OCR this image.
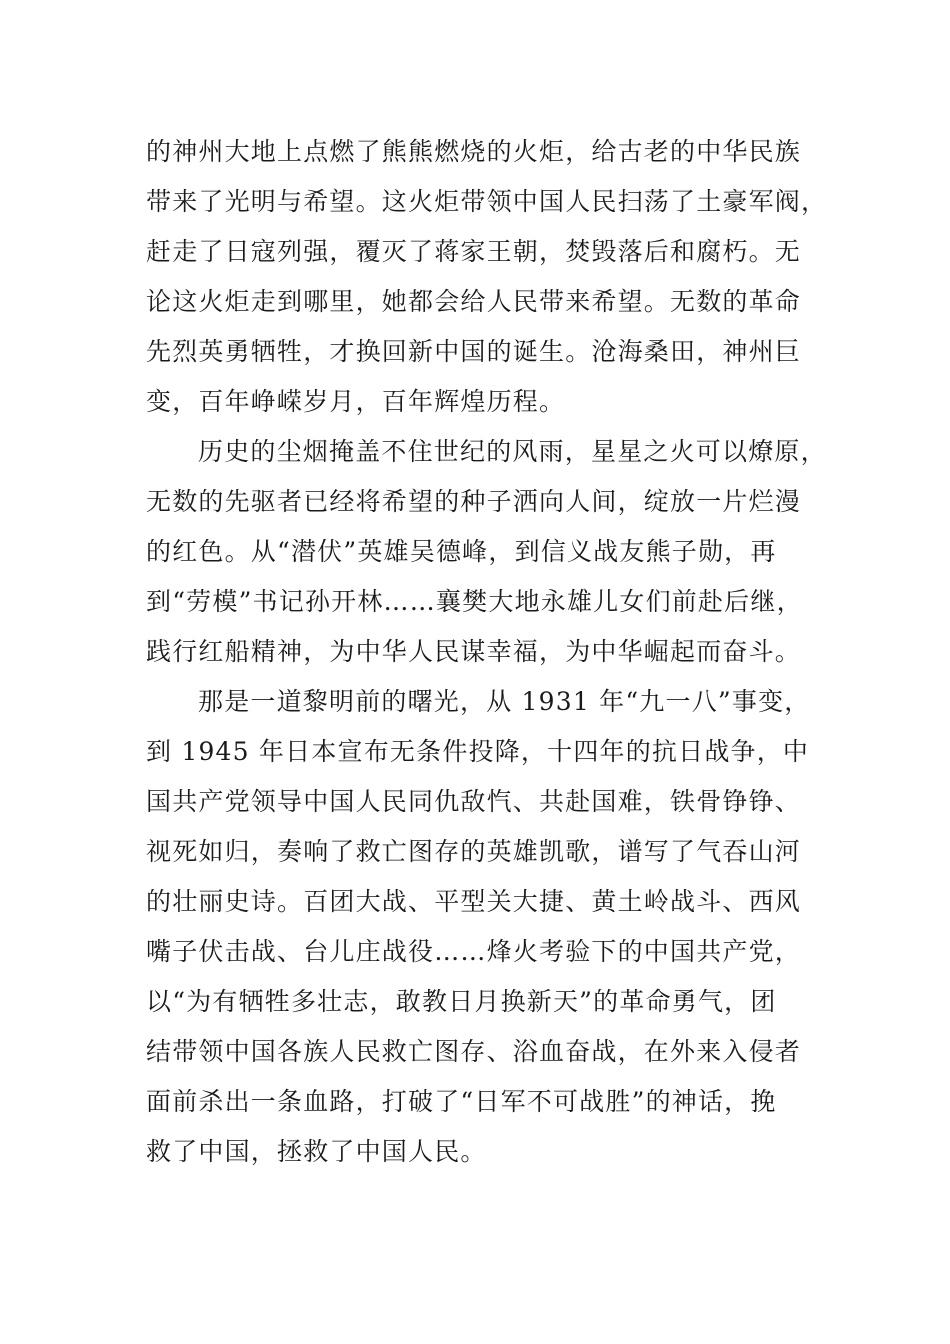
的神州大地上点燃了熊熊燃烧的火炬，给古老的中华民族
带来了光明与希望。这火炬带领中国人民扫荡了土豪军阀，
赶走了日寇列强，覆灭了蒋家王朝，焚毁落后和腐朽。无
论这火炬走到哪里，她都会给人民带来希望。无数的革命
先烈英勇牺牲，才换回新中国的诞生。沧海桑田，神州巨
变，百年峥嵘岁月，百年辉煌历程。
历史的尘烟掩盖不住世纪的风雨，星星之火可以燎原，
无数的先驱者已经将希望的种子洒向人间，绽放一片烂漫
的红色。从“潜伏”英雄吴德峰，到信义战友熊子勋，再
到“劳模”书记孙开林……襄樊大地永雄儿女们前赴后继，
践行红船精神，为中华人民谋幸福，为中华崛起而奋斗。
那是一道黎明前的曙光，从 1931 年“九一八”事变，
到 1945 年日本宣布无条件投降，十四年的抗日战争，中
国共产党领导中国人民同仇敌忾、共赴国难，铁骨铮铮、
视死如归，奏响了救亡图存的英雄凯歌，谱写了气吞山河
的壮丽史诗。百团大战、平型关大捷、黄土岭战斗、西风
嘴子伏击战、台儿庄战役……烽火考验下的中国共产党，
以“为有牺牲多壮志，敢教日月换新天”的革命勇气，团
结带领中国各族人民救亡图存、浴血奋战，在外来入侵者
面前杀出一条血路，打破了“日军不可战胜”的神话，挽
救了中国，拯救了中国人民。
